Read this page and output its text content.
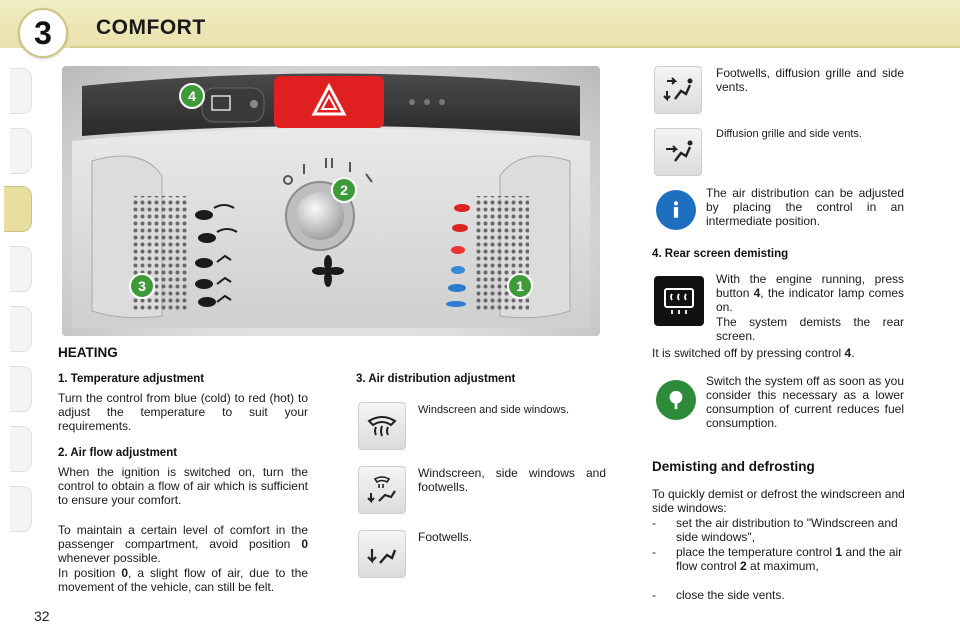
3	COMFORT
4
2
3	1
HEATING
1. Temperature adjustment
Turn the control from blue (cold) to red (hot) to adjust the temperature to suit your requirements.
2. Air flow adjustment
When the ignition is switched on, turn the control to obtain a flow of air which is sufficient to ensure your comfort.
To maintain a certain level of comfort in the passenger compartment, avoid position 0 whenever possible.
In position 0, a slight flow of air, due to the movement of the vehicle, can still be felt.
3. Air distribution adjustment
Windscreen and side windows.
Windscreen, side windows and footwells.
Footwells.
Footwells, diffusion grille and side vents.
Diffusion grille and side vents.
The air distribution can be adjusted by placing the control in an intermediate position.
4. Rear screen demisting
With the engine running, press button 4, the indicator lamp comes on.
The system demists the rear screen.
It is switched off by pressing control 4.
Switch the system off as soon as you consider this necessary as a lower consumption of current reduces fuel consumption.
Demisting and defrosting
To quickly demist or defrost the windscreen and side windows:
- set the air distribution to "Windscreen and side windows",
- place the temperature control 1 and the air flow control 2 at maximum,
- close the side vents.
32
